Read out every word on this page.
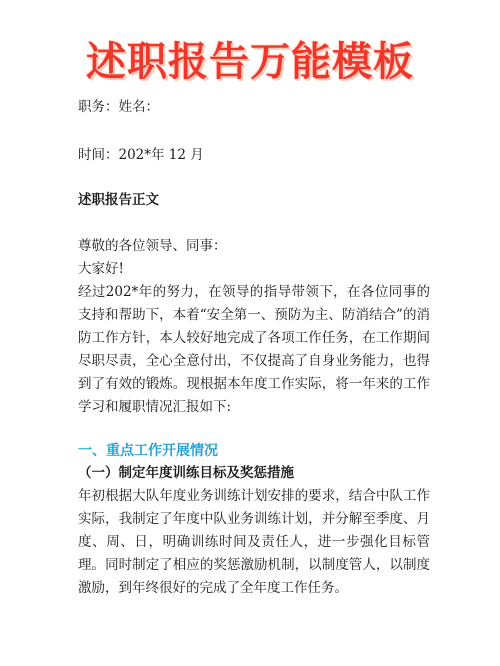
述职报告万能模板
职务：姓名：
时间：202*年 12 月
述职报告正文
尊敬的各位领导、同事：
大家好!
经过202*年的努力，在领导的指导带领下，在各位同事的支持和帮助下，本着“安全第一、预防为主、防消结合”的消防工作方针，本人较好地完成了各项工作任务，在工作期间尽职尽责，全心全意付出，不仅提高了自身业务能力，也得到了有效的锻炼。现根据本年度工作实际，将一年来的工作学习和履职情况汇报如下:
一、重点工作开展情况
（一）制定年度训练目标及奖惩措施
年初根据大队年度业务训练计划安排的要求，结合中队工作实际，我制定了年度中队业务训练计划，并分解至季度、月度、周、日，明确训练时间及责任人，进一步强化目标管理。同时制定了相应的奖惩激励机制，以制度管人，以制度激励，到年终很好的完成了全年度工作任务。
